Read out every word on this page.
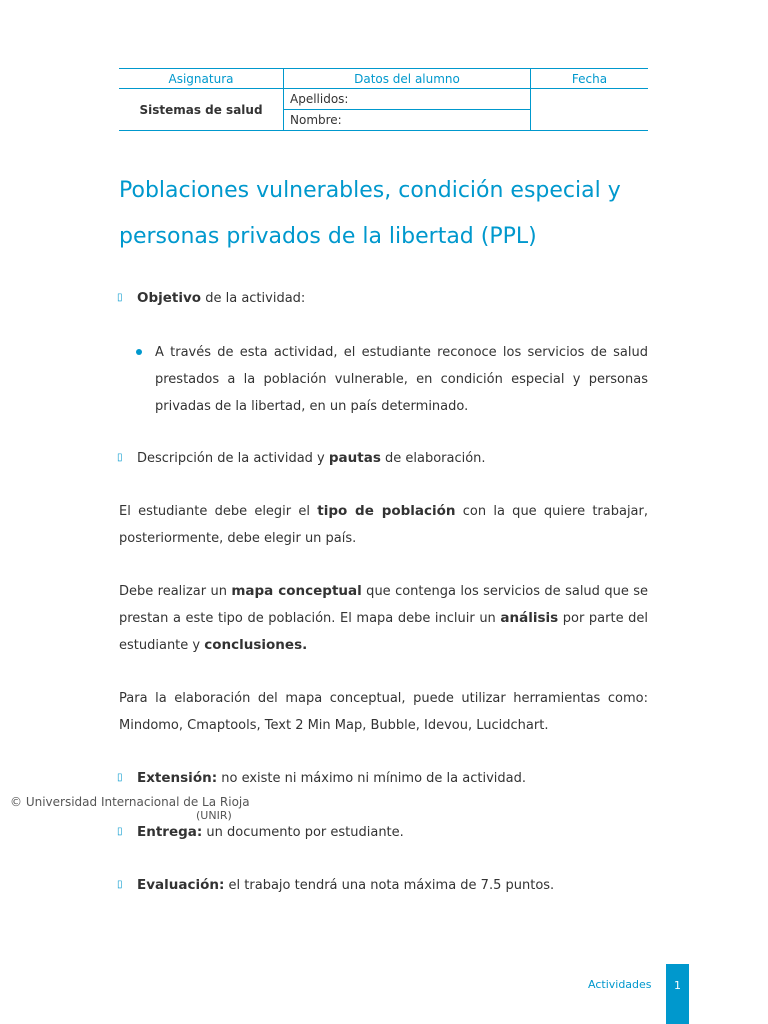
Asignatura	Datos del alumno	Fecha
Sistemas de salud	Apellidos:	
	Nombre:	
Poblaciones vulnerables, condición especial y
personas privados de la libertad (PPL)
▯ Objetivo de la actividad:

A través de esta actividad, el estudiante reconoce los servicios de salud prestados a la población vulnerable, en condición especial y personas privadas de la libertad, en un país determinado.

▯ Descripción de la actividad y pautas de elaboración.

El estudiante debe elegir el tipo de población con la que quiere trabajar, posteriormente, debe elegir un país.

Debe realizar un mapa conceptual que contenga los servicios de salud que se prestan a este tipo de población. El mapa debe incluir un análisis por parte del estudiante y conclusiones.

Para la elaboración del mapa conceptual, puede utilizar herramientas como: Mindomo, Cmaptools, Text 2 Min Map, Bubble, Idevou, Lucidchart.

▯ Extensión: no existe ni máximo ni mínimo de la actividad.

© Universidad Internacional de La Rioja
(UNIR)
▯ Entrega: un documento por estudiante.

▯ Evaluación: el trabajo tendrá una nota máxima de 7.5 puntos.

Actividades	1
